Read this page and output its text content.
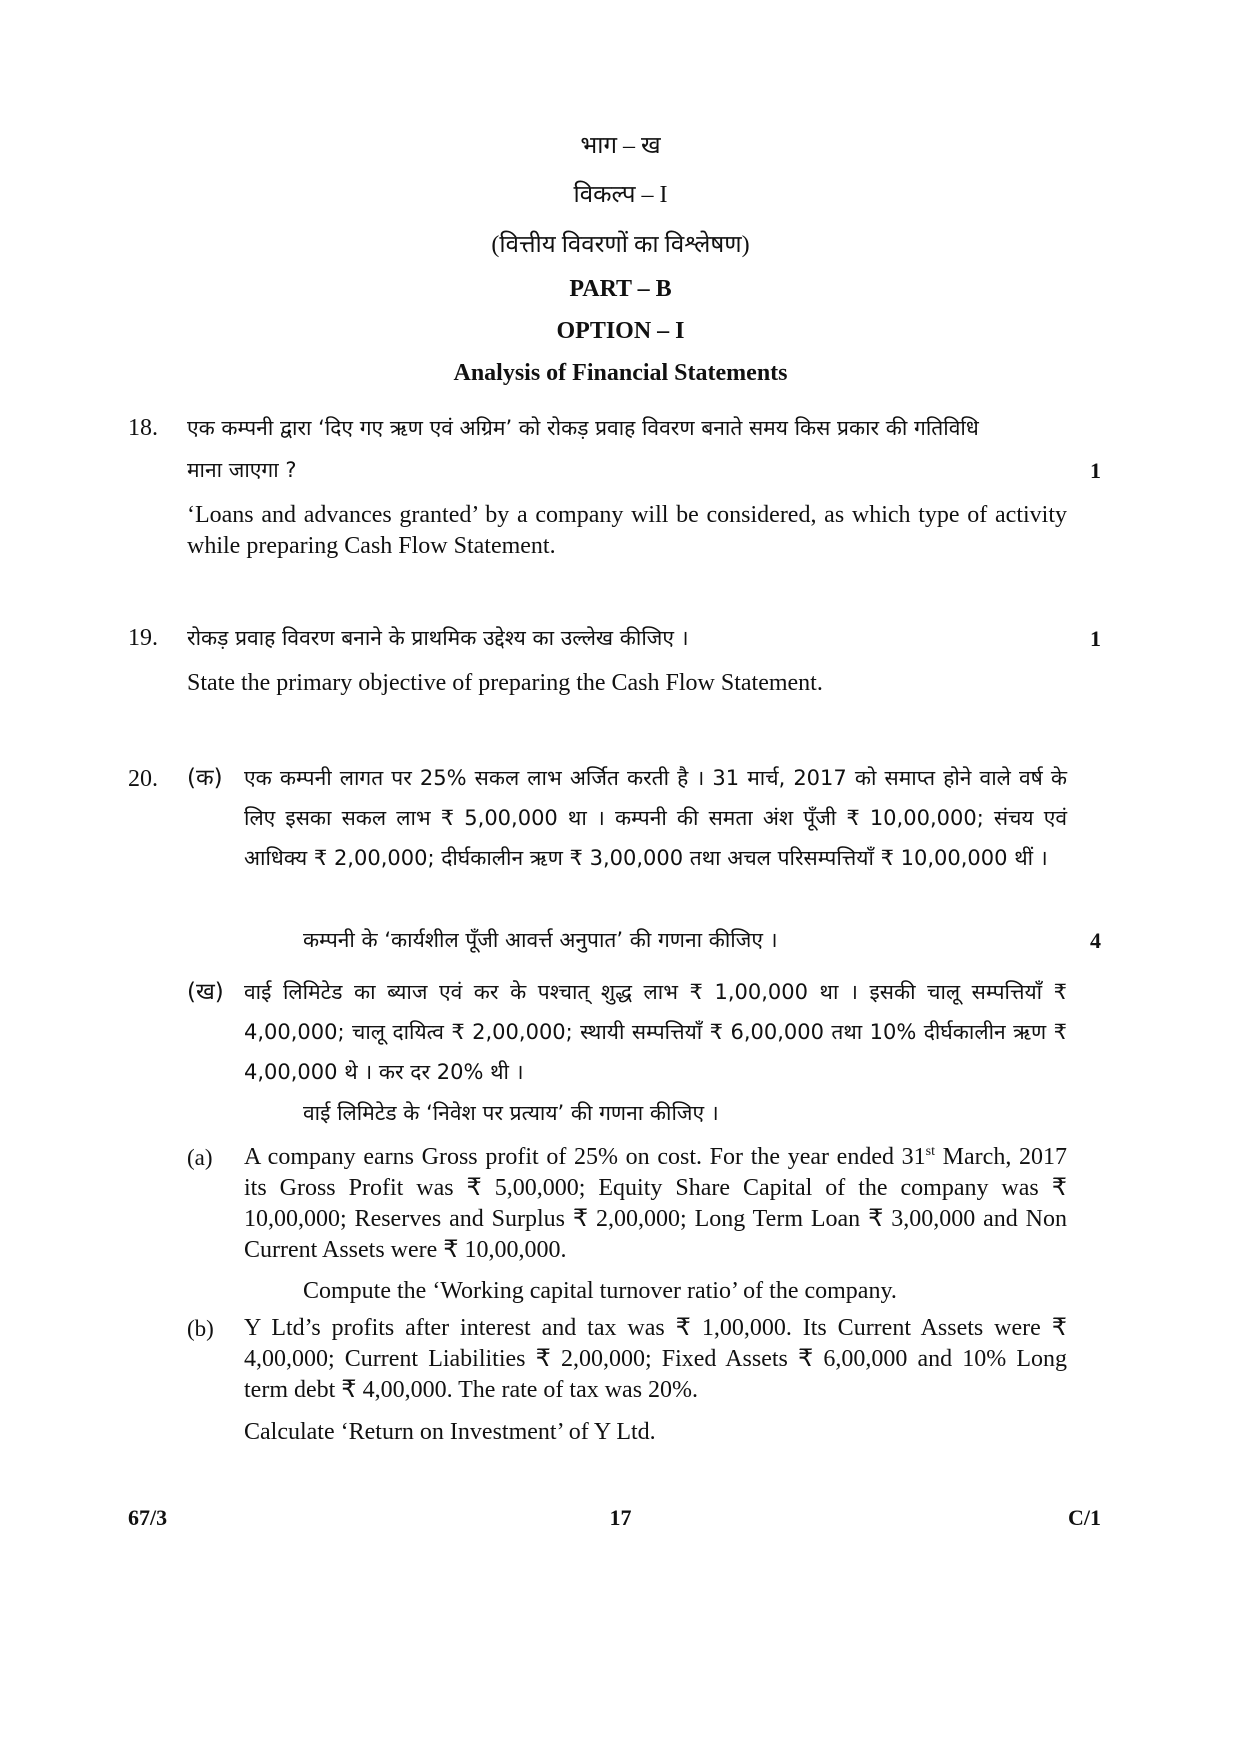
भाग – ख
विकल्प – I
(वित्तीय विवरणों का विश्लेषण)
PART – B
OPTION – I
Analysis of Financial Statements
18. एक कम्पनी द्वारा ‘दिए गए ऋण एवं अग्रिम’ को रोकड़ प्रवाह विवरण बनाते समय किस प्रकार की गतिविधि
माना जाएगा ?	1
‘Loans and advances granted’ by a company will be considered, as which type of activity while preparing Cash Flow Statement.
19. रोकड़ प्रवाह विवरण बनाने के प्राथमिक उद्देश्य का उल्लेख कीजिए ।	1
State the primary objective of preparing the Cash Flow Statement.
20. (क) एक कम्पनी लागत पर 25% सकल लाभ अर्जित करती है । 31 मार्च, 2017 को समाप्त होने वाले वर्ष के लिए इसका सकल लाभ ₹ 5,00,000 था । कम्पनी की समता अंश पूँजी ₹ 10,00,000; संचय एवं आधिक्य ₹ 2,00,000; दीर्घकालीन ऋण ₹ 3,00,000 तथा अचल परिसम्पत्तियाँ ₹ 10,00,000 थीं ।
कम्पनी के ‘कार्यशील पूँजी आवर्त्त अनुपात’ की गणना कीजिए ।	4
(ख) वाई लिमिटेड का ब्याज एवं कर के पश्चात् शुद्ध लाभ ₹ 1,00,000 था । इसकी चालू सम्पत्तियाँ ₹ 4,00,000; चालू दायित्व ₹ 2,00,000; स्थायी सम्पत्तियाँ ₹ 6,00,000 तथा 10% दीर्घकालीन ऋण ₹ 4,00,000 थे । कर दर 20% थी ।
वाई लिमिटेड के ‘निवेश पर प्रत्याय’ की गणना कीजिए ।
(a) A company earns Gross profit of 25% on cost. For the year ended 31st March, 2017 its Gross Profit was ₹ 5,00,000; Equity Share Capital of the company was ₹ 10,00,000; Reserves and Surplus ₹ 2,00,000; Long Term Loan ₹ 3,00,000 and Non Current Assets were ₹ 10,00,000.
Compute the ‘Working capital turnover ratio’ of the company.
(b) Y Ltd’s profits after interest and tax was ₹ 1,00,000. Its Current Assets were ₹ 4,00,000; Current Liabilities ₹ 2,00,000; Fixed Assets ₹ 6,00,000 and 10% Long term debt ₹ 4,00,000. The rate of tax was 20%.
Calculate ‘Return on Investment’ of Y Ltd.
67/3	17	C/1
